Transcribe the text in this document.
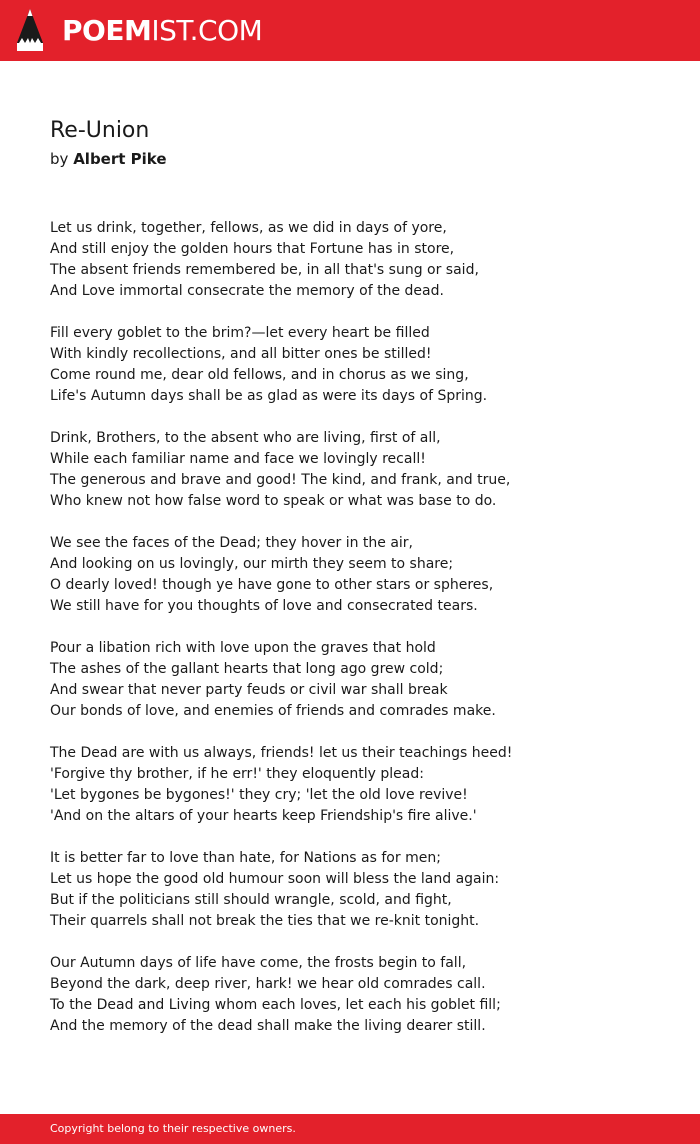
POEMIST.COM
Re-Union
by Albert Pike
Let us drink, together, fellows, as we did in days of yore,
And still enjoy the golden hours that Fortune has in store,
The absent friends remembered be, in all that's sung or said,
And Love immortal consecrate the memory of the dead.
Fill every goblet to the brim?—let every heart be filled
With kindly recollections, and all bitter ones be stilled!
Come round me, dear old fellows, and in chorus as we sing,
Life's Autumn days shall be as glad as were its days of Spring.
Drink, Brothers, to the absent who are living, first of all,
While each familiar name and face we lovingly recall!
The generous and brave and good! The kind, and frank, and true,
Who knew not how false word to speak or what was base to do.
We see the faces of the Dead; they hover in the air,
And looking on us lovingly, our mirth they seem to share;
O dearly loved! though ye have gone to other stars or spheres,
We still have for you thoughts of love and consecrated tears.
Pour a libation rich with love upon the graves that hold
The ashes of the gallant hearts that long ago grew cold;
And swear that never party feuds or civil war shall break
Our bonds of love, and enemies of friends and comrades make.
The Dead are with us always, friends! let us their teachings heed!
'Forgive thy brother, if he err!' they eloquently plead:
'Let bygones be bygones!' they cry; 'let the old love revive!
'And on the altars of your hearts keep Friendship's fire alive.'
It is better far to love than hate, for Nations as for men;
Let us hope the good old humour soon will bless the land again:
But if the politicians still should wrangle, scold, and fight,
Their quarrels shall not break the ties that we re-knit tonight.
Our Autumn days of life have come, the frosts begin to fall,
Beyond the dark, deep river, hark! we hear old comrades call.
To the Dead and Living whom each loves, let each his goblet fill;
And the memory of the dead shall make the living dearer still.
Copyright belong to their respective owners.
